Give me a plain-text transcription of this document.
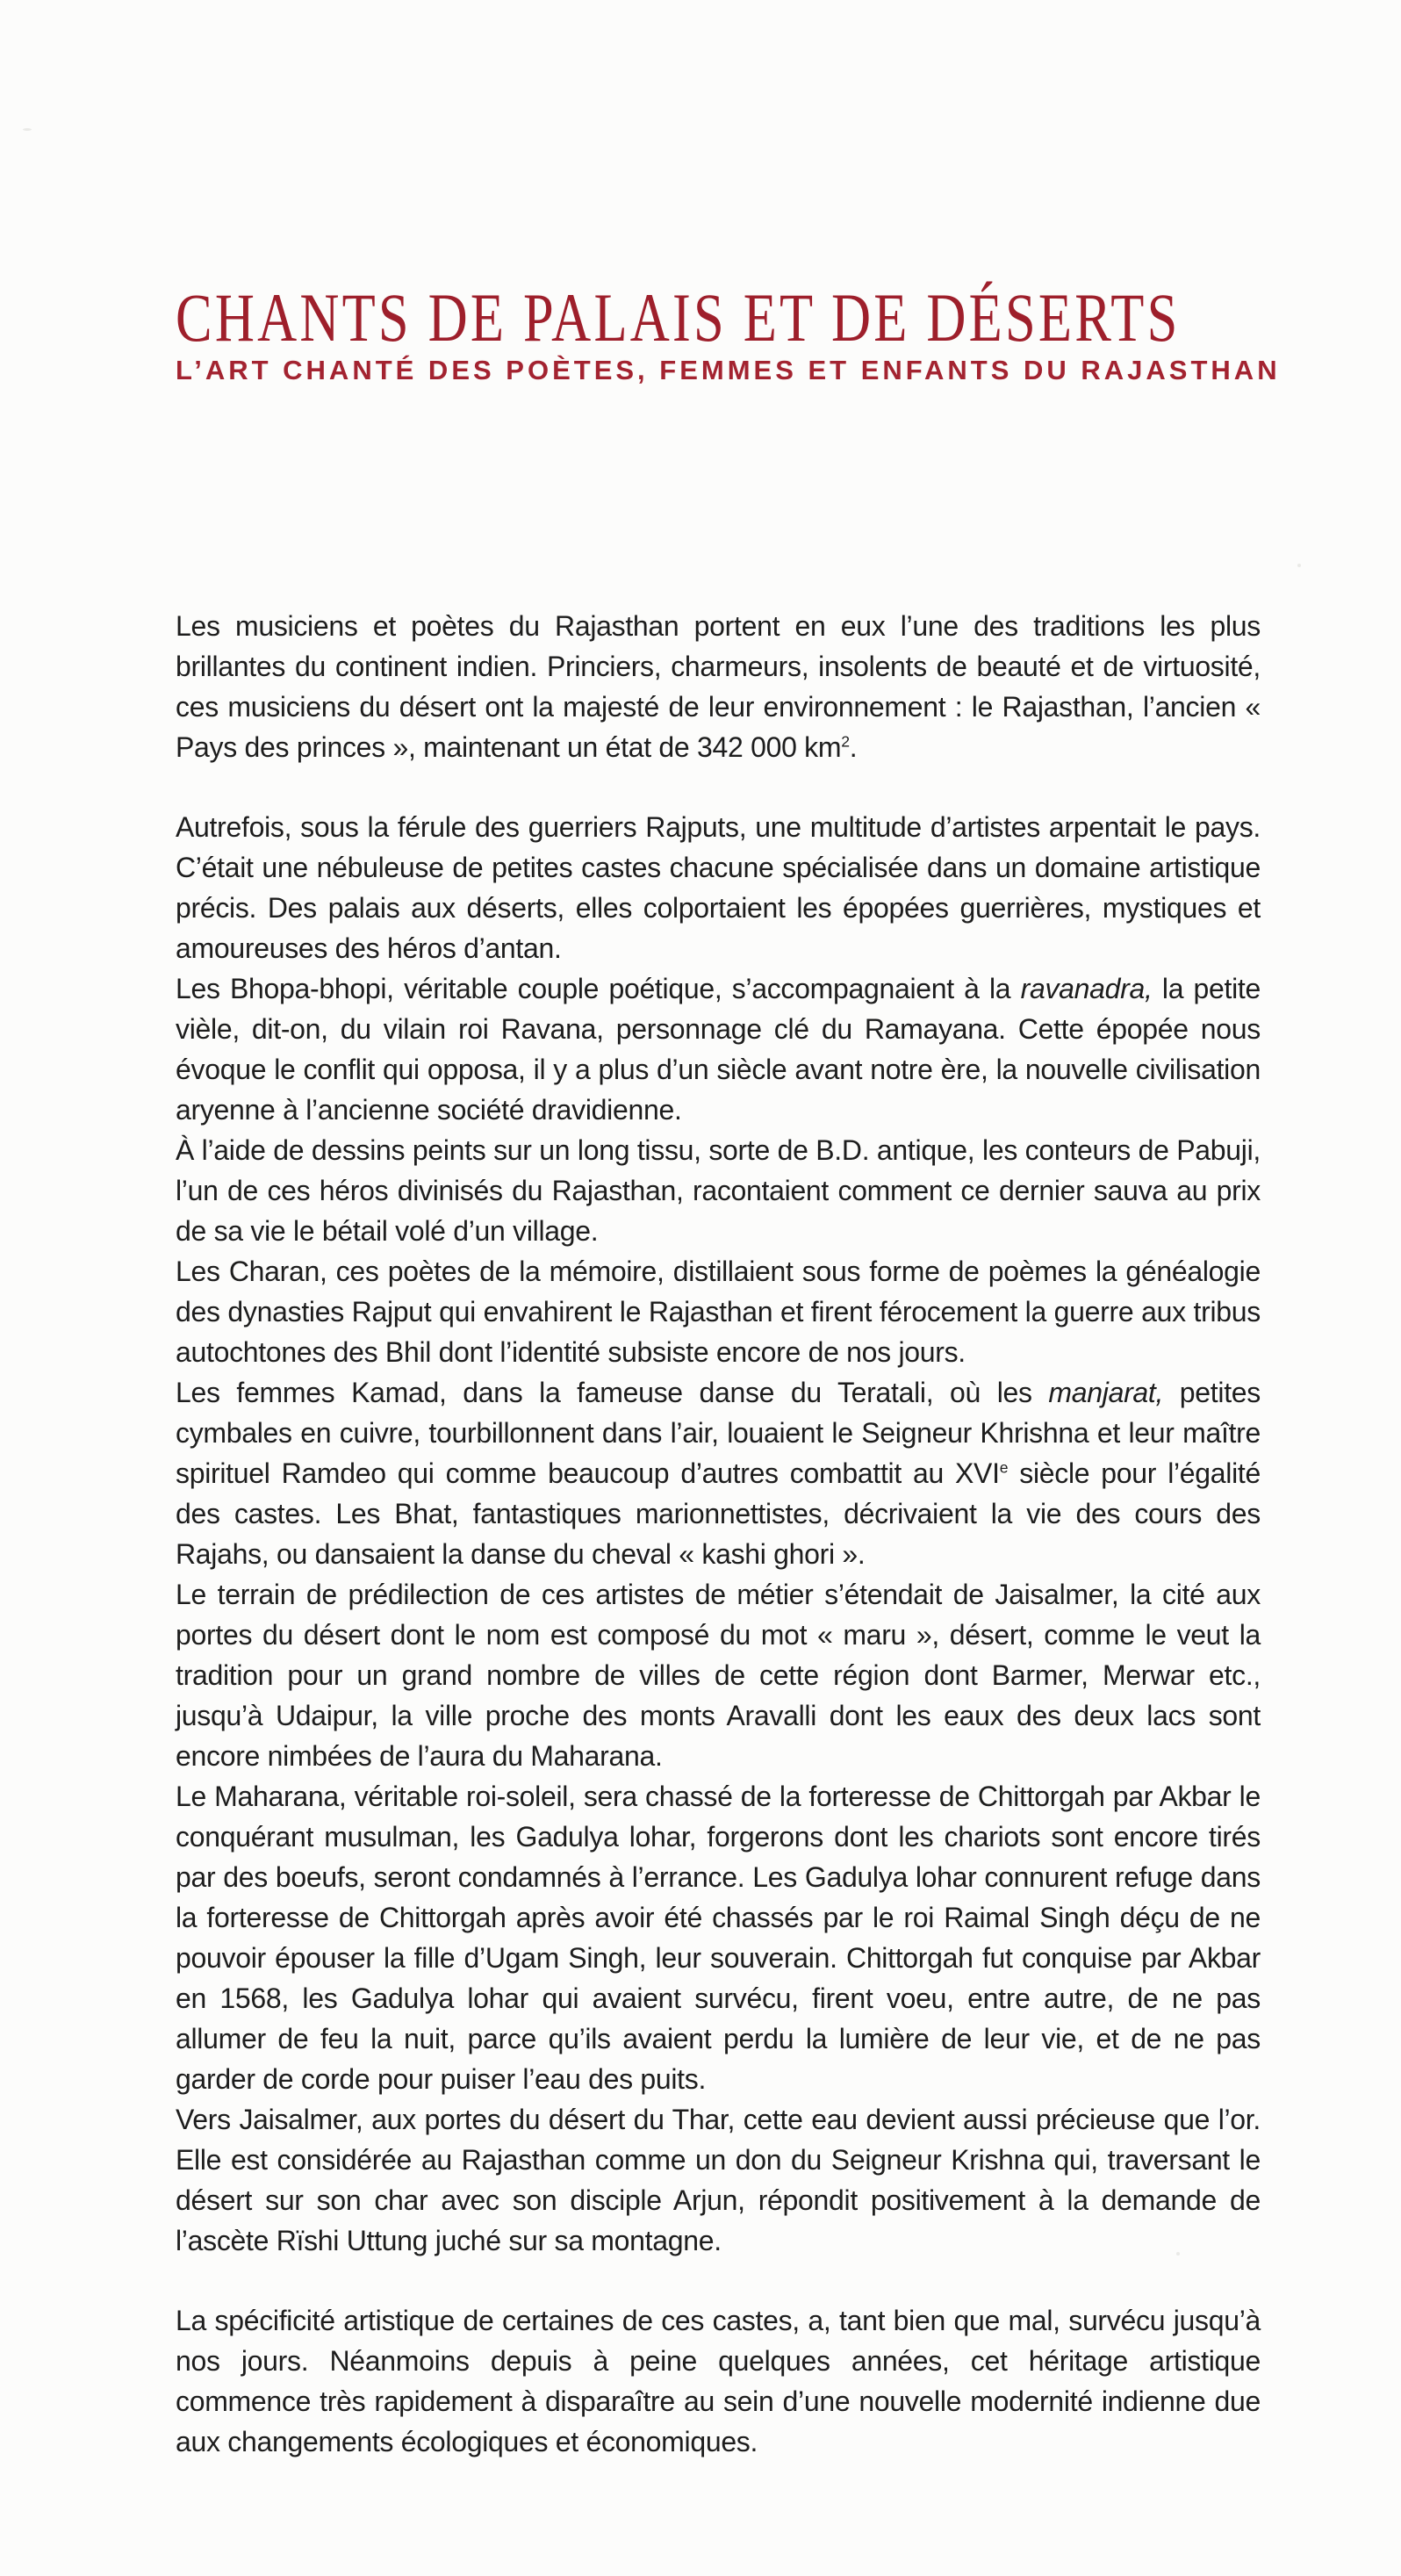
CHANTS DE PALAIS ET DE DÉSERTS
L’ART CHANTÉ DES POÈTES, FEMMES ET ENFANTS DU RAJASTHAN

Les musiciens et poètes du Rajasthan portent en eux l’une des traditions les plus brillantes du continent indien. Princiers, charmeurs, insolents de beauté et de virtuosité, ces musiciens du désert ont la majesté de leur environnement : le Rajasthan, l’ancien « Pays des princes », maintenant un état de 342 000 $km^2$.

Autrefois, sous la férule des guerriers Rajputs, une multitude d’artistes arpentait le pays. C’était une nébuleuse de petites castes chacune spécialisée dans un domaine artistique précis. Des palais aux déserts, elles colportaient les épopées guerrières, mystiques et amoureuses des héros d’antan.

Les Bhopa-bhopi, véritable couple poétique, s’accompagnaient à la ravanadra, la petite vièle, dit-on, du vilain roi Ravana, personnage clé du Ramayana. Cette épopée nous évoque le conflit qui opposa, il y a plus d’un siècle avant notre ère, la nouvelle civilisation aryenne à l’ancienne société dravidienne.

À l’aide de dessins peints sur un long tissu, sorte de B.D. antique, les conteurs de Pabuji, l’un de ces héros divinisés du Rajasthan, racontaient comment ce dernier sauva au prix de sa vie le bétail volé d’un village.

Les Charan, ces poètes de la mémoire, distillaient sous forme de poèmes la généalogie des dynasties Rajput qui envahirent le Rajasthan et firent férocement la guerre aux tribus autochtones des Bhil dont l’identité subsiste encore de nos jours.

Les femmes Kamad, dans la fameuse danse du Teratali, où les manjarat, petites cymbales en cuivre, tourbillonnent dans l’air, louaient le Seigneur Khrishna et leur maître spirituel Ramdeo qui comme beaucoup d’autres combattit au XVIe siècle pour l’égalité des castes. Les Bhat, fantastiques marionnettistes, décrivaient la vie des cours des Rajahs, ou dansaient la danse du cheval « kashi ghori ».

Le terrain de prédilection de ces artistes de métier s’étendait de Jaisalmer, la cité aux portes du désert dont le nom est composé du mot « maru », désert, comme le veut la tradition pour un grand nombre de villes de cette région dont Barmer, Merwar etc., jusqu’à Udaipur, la ville proche des monts Aravalli dont les eaux des deux lacs sont encore nimbées de l’aura du Maharana.

Le Maharana, véritable roi-soleil, sera chassé de la forteresse de Chittorgah par Akbar le conquérant musulman, les Gadulya lohar, forgerons dont les chariots sont encore tirés par des boeufs, seront condamnés à l’errance. Les Gadulya lohar connurent refuge dans la forteresse de Chittorgah après avoir été chassés par le roi Raimal Singh déçu de ne pouvoir épouser la fille d’Ugam Singh, leur souverain. Chittorgah fut conquise par Akbar en 1568, les Gadulya lohar qui avaient survécu, firent voeu, entre autre, de ne pas allumer de feu la nuit, parce qu’ils avaient perdu la lumière de leur vie, et de ne pas garder de corde pour puiser l’eau des puits.

Vers Jaisalmer, aux portes du désert du Thar, cette eau devient aussi précieuse que l’or. Elle est considérée au Rajasthan comme un don du Seigneur Krishna qui, traversant le désert sur son char avec son disciple Arjun, répondit positivement à la demande de l’ascète Rïshi Uttung juché sur sa montagne.

La spécificité artistique de certaines de ces castes, a, tant bien que mal, survécu jusqu’à nos jours. Néanmoins depuis à peine quelques années, cet héritage artistique commence très rapidement à disparaître au sein d’une nouvelle modernité indienne due aux changements écologiques et économiques.
